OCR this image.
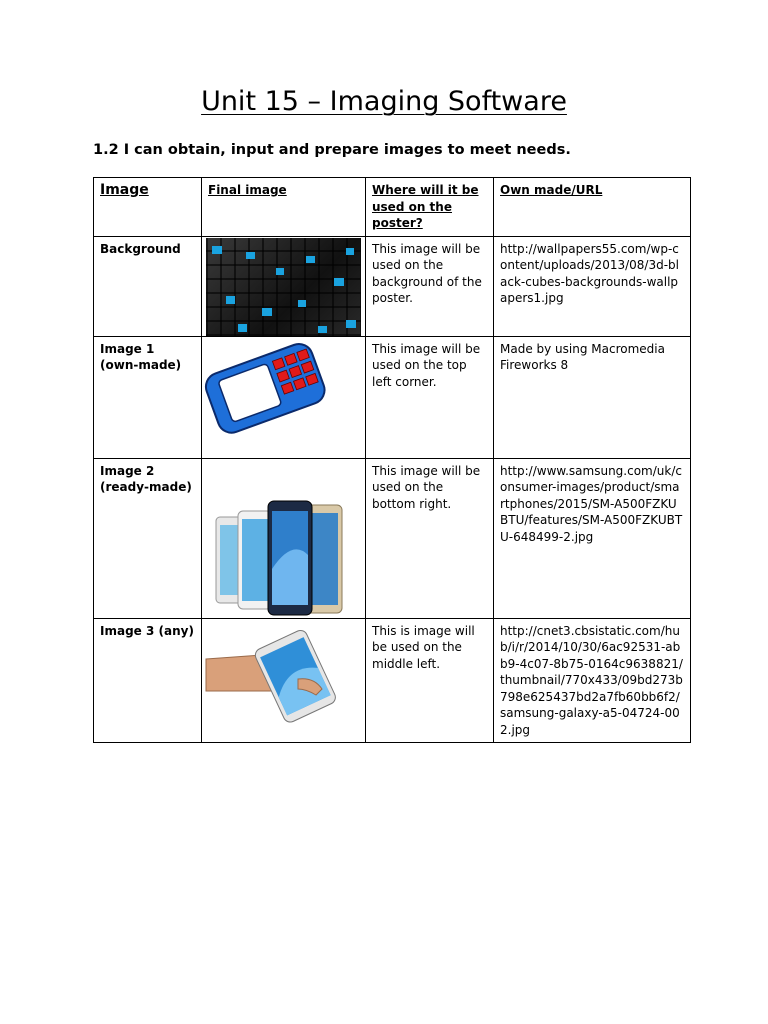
Unit 15 – Imaging Software
1.2 I can obtain, input and prepare images to meet needs.
Image	Final image	Where will it be used on the poster?	Own made/URL
Background		This image will be used on the background of the poster.	http://wallpapers55.com/wp-content/uploads/2013/08/3d-black-cubes-backgrounds-wallpapers1.jpg
Image 1 (own-made)		This image will be used on the top left corner.	Made by using Macromedia Fireworks 8
Image 2 (ready-made)		This image will be used on the bottom right.	http://www.samsung.com/uk/consumer-images/product/smartphones/2015/SM-A500FZKUBTU/features/SM-A500FZKUBTU-648499-2.jpg
Image 3 (any)		This is image will be used on the middle left.	http://cnet3.cbsistatic.com/hub/i/r/2014/10/30/6ac92531-abb9-4c07-8b75-0164c9638821/thumbnail/770x433/09bd273b798e625437bd2a7fb60bb6f2/samsung-galaxy-a5-04724-002.jpg
